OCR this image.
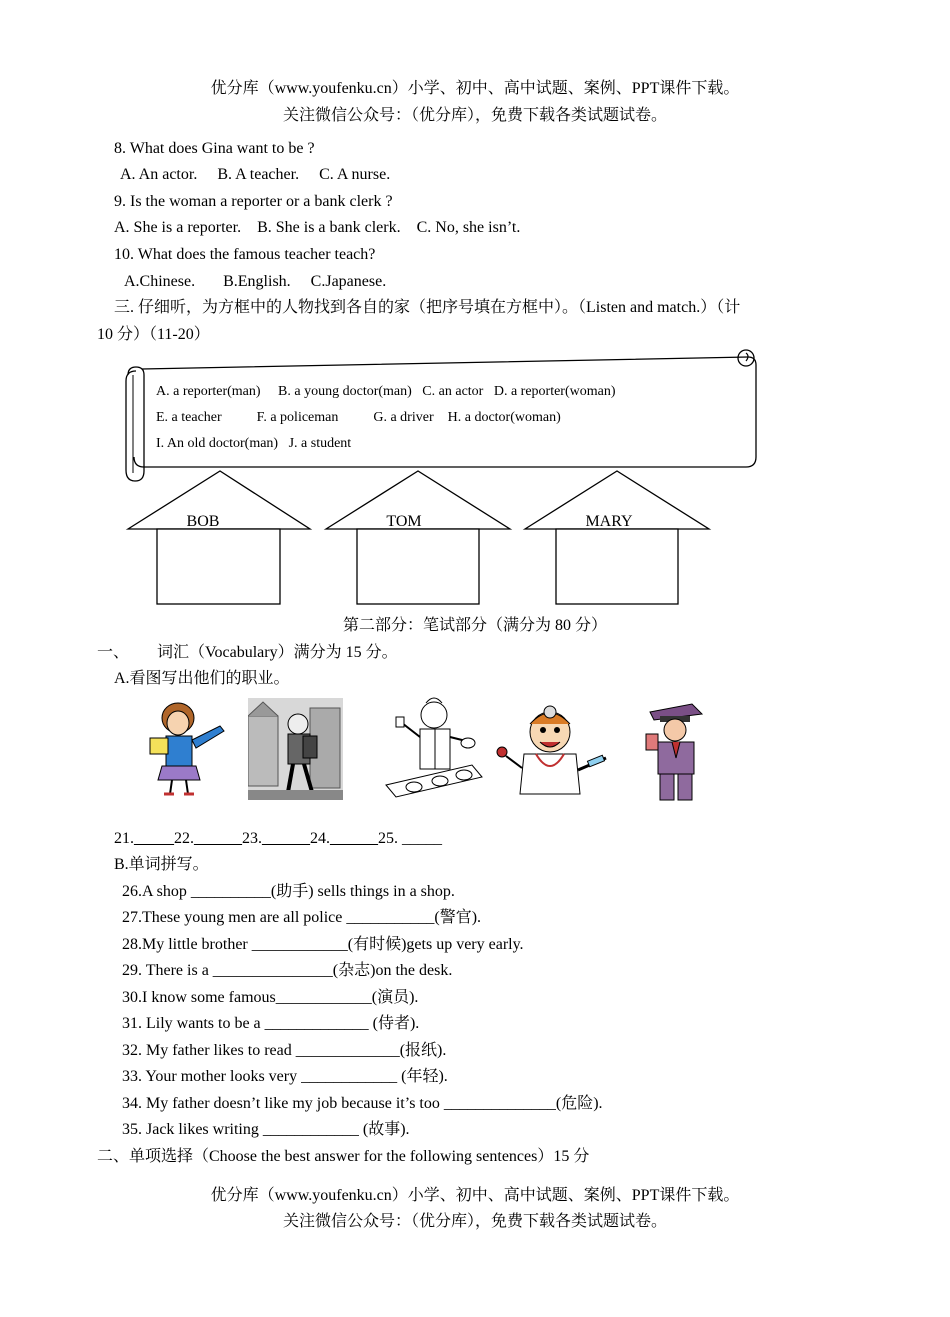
优分库（www.youfenku.cn）小学、初中、高中试题、案例、PPT课件下载。
关注微信公众号：（优分库），免费下载各类试题试卷。
8. What does Gina want to be ?
A. An actor.     B. A teacher.     C. A nurse.
9. Is the woman a reporter or a bank clerk ?
A. She is a reporter.    B. She is a bank clerk.    C. No, she isn’t.
10. What does the famous teacher teach?
A.Chinese.       B.English.     C.Japanese.
三. 仔细听，为方框中的人物找到各自的家（把序号填在方框中）。（Listen and match.）（计
10 分）（11-20）
A. a reporter(man)     B. a young doctor(man)   C. an actor   D. a reporter(woman)
E. a teacher          F. a policeman          G. a driver    H. a doctor(woman)
I. An old doctor(man)   J. a student
BOB	TOM	MARY
第二部分：笔试部分（满分为 80 分）
一、       词汇（Vocabulary）满分为 15 分。
A.看图写出他们的职业。
21._____22.______23.______24.______25. _____
B.单词拼写。
26.A shop __________(助手) sells things in a shop.
27.These young men are all police ___________(警官).
28.My little brother ____________(有时候)gets up very early.
29. There is a _______________(杂志)on the desk.
30.I know some famous____________(演员).
31. Lily wants to be a _____________ (侍者).
32. My father likes to read _____________(报纸).
33. Your mother looks very ____________ (年轻).
34. My father doesn’t like my job because it’s too ______________(危险).
35. Jack likes writing ____________ (故事).
二、单项选择（Choose the best answer for the following sentences）15 分
优分库（www.youfenku.cn）小学、初中、高中试题、案例、PPT课件下载。
关注微信公众号：（优分库），免费下载各类试题试卷。
